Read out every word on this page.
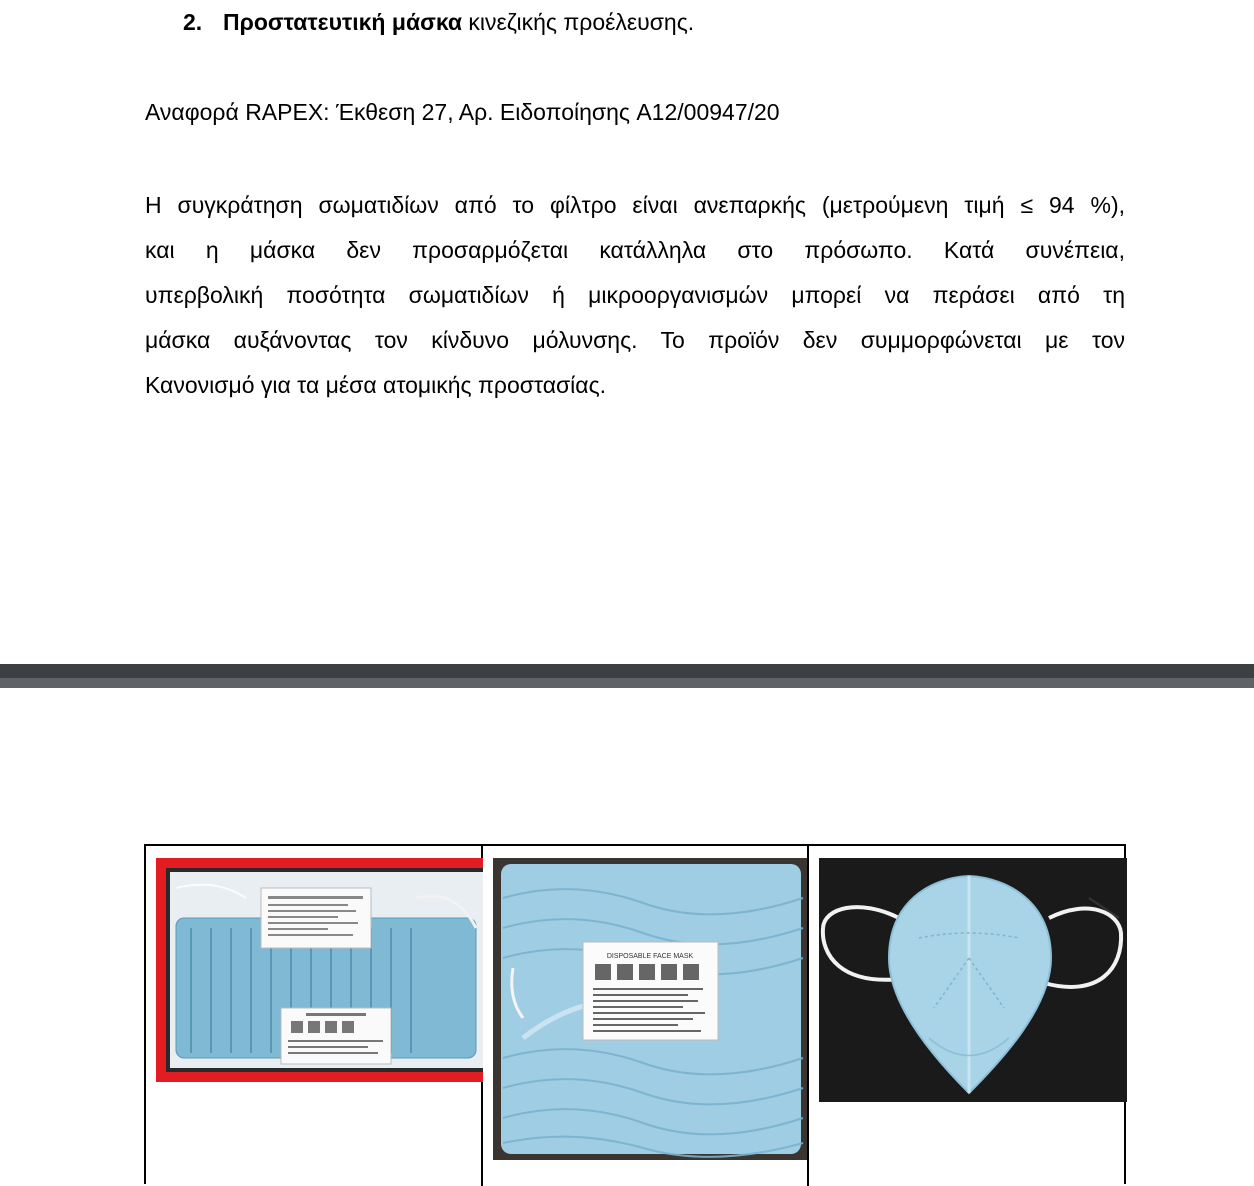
2. Προστατευτική μάσκα κινεζικής προέλευσης.
Αναφορά RAPEX: Έκθεση 27, Αρ. Ειδοποίησης A12/00947/20
Η συγκράτηση σωματιδίων από το φίλτρο είναι ανεπαρκής (μετρούμενη τιμή ≤ 94 %),
και η μάσκα δεν προσαρμόζεται κατάλληλα στο πρόσωπο. Κατά συνέπεια,
υπερβολική ποσότητα σωματιδίων ή μικροοργανισμών μπορεί να περάσει από τη
μάσκα αυξάνοντας τον κίνδυνο μόλυνσης. Το προϊόν δεν συμμορφώνεται με τον
Κανονισμό για τα μέσα ατομικής προστασίας.
DISPOSABLE FACE MASK
